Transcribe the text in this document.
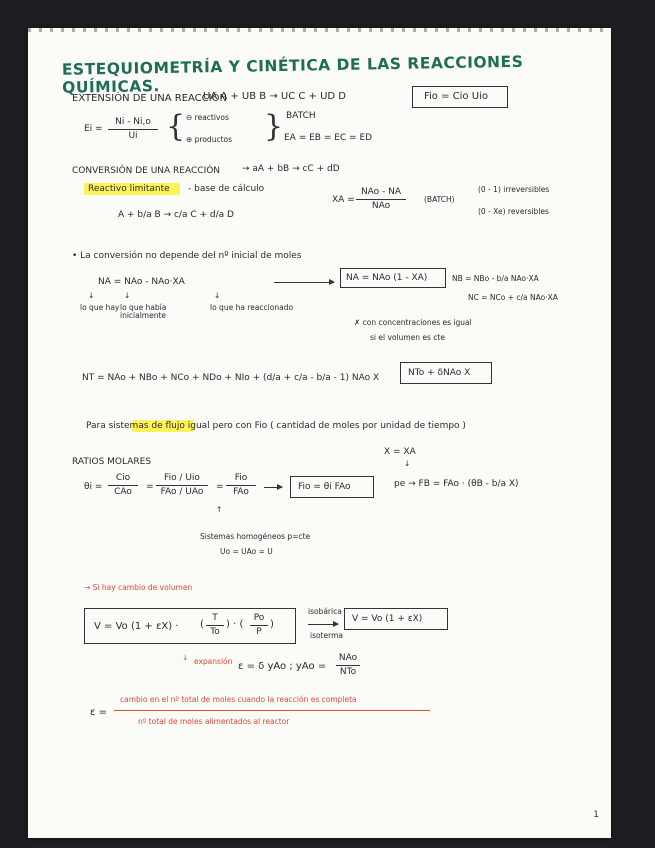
ESTEQUIOMETRÍA Y CINÉTICA DE LAS REACCIONES QUÍMICAS.
EXTENSIÓN DE UNA REACCIÓN
UA A + UB B → UC C + UD D	Fio = Cio Uio
Ei =
Ni - Ni,o
Ui { ⊖ reactivos
⊕ productos } BATCH
EA = EB = EC = ED
CONVERSIÓN DE UNA REACCIÓN → aA + bB → cC + dD
Reactivo limitante - base de cálculo
XA =
NAo - NA
NAo
(BATCH)
(0 - 1) irreversibles
(0 - Xe) reversibles
A + b/a B → c/a C + d/a D
• La conversión no depende del nº inicial de moles
NA = NAo - NAo·XA	NA = NAo (1 - XA)	NB = NBo - b/a NAo·XA
NC = NCo + c/a NAo·XA
↓	↓	↓
lo que hay lo que había inicialmente
lo que ha reaccionado
✗ con concentraciones es igual
si el volumen es cte
NT = NAo + NBo + NCo + NDo + NIo + (d/a + c/a - b/a - 1) NAo X	NTo + δNAo X
Para sistemas de flujo igual pero con Fio ( cantidad de moles por unidad de tiempo )
RATIOS MOLARES
X = XA
↓
θi =
Cio
CAo	=
Fio / Uio
FAo / UAo	=
Fio
FAo	Fio = θi FAo	pe → FB = FAo · (θB - b/a X)
↑
Sistemas homogéneos p=cte
Uo = UAo = U
→ Si hay cambio de volumen
V = Vo (1 + εX) · (
T
To
) · (
Po
P
)
isobárica
isoterma
V = Vo (1 + εX)
↓ expansión ε = δ yAo ; yAo =
NAo
NTo
ε =
cambio en el nº total de moles cuando la reacción es completa
nº total de moles alimentados al reactor
1
